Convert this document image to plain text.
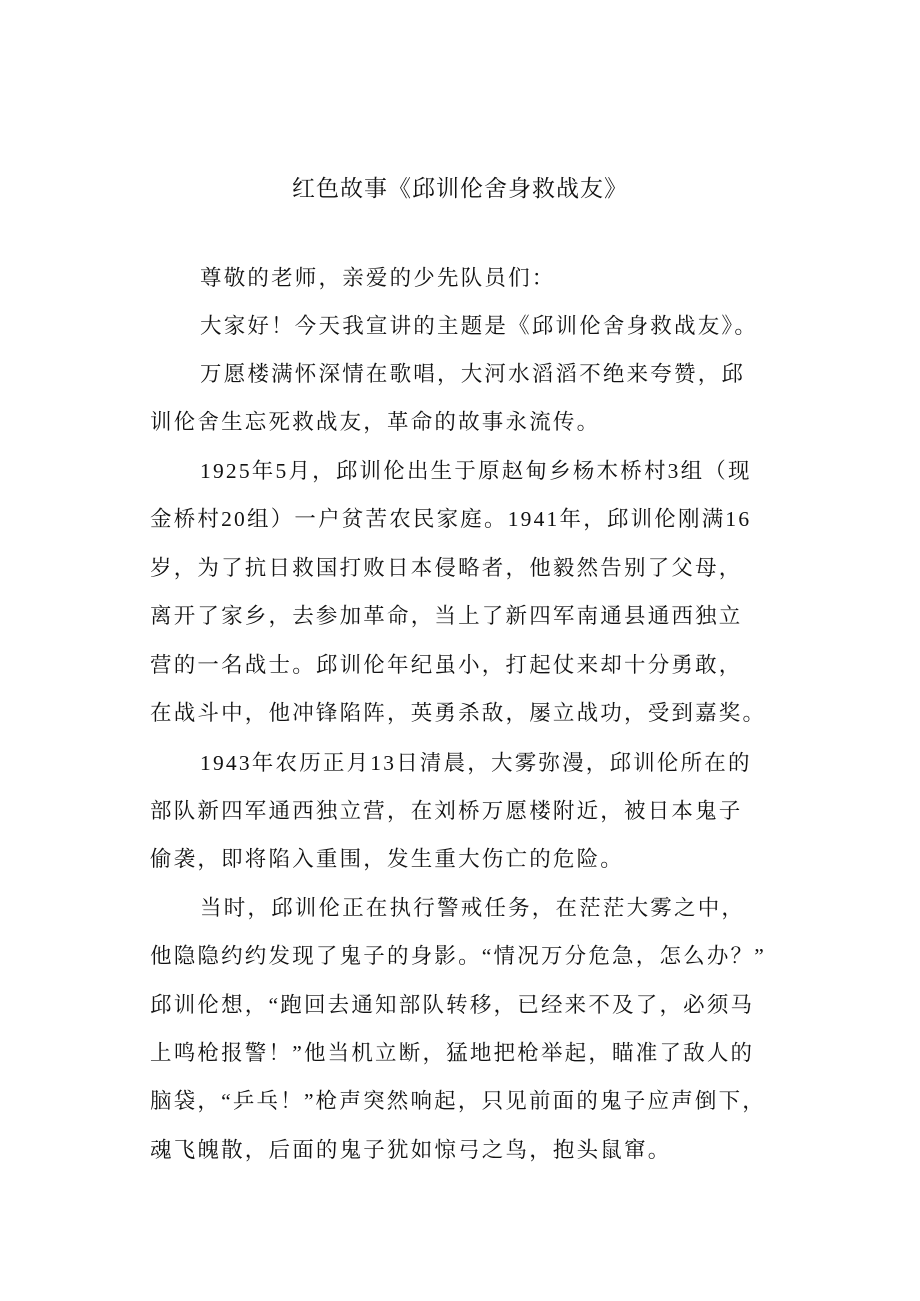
红色故事《邱训伦舍身救战友》
尊敬的老师，亲爱的少先队员们：
大家好！今天我宣讲的主题是《邱训伦舍身救战友》。
万愿楼满怀深情在歌唱，大河水滔滔不绝来夸赞，邱
训伦舍生忘死救战友，革命的故事永流传。
1925年5月，邱训伦出生于原赵甸乡杨木桥村3组（现
金桥村20组）一户贫苦农民家庭。1941年，邱训伦刚满16
岁，为了抗日救国打败日本侵略者，他毅然告别了父母，
离开了家乡，去参加革命，当上了新四军南通县通西独立
营的一名战士。邱训伦年纪虽小，打起仗来却十分勇敢，
在战斗中，他冲锋陷阵，英勇杀敌，屡立战功，受到嘉奖。
1943年农历正月13日清晨，大雾弥漫，邱训伦所在的
部队新四军通西独立营，在刘桥万愿楼附近，被日本鬼子
偷袭，即将陷入重围，发生重大伤亡的危险。
当时，邱训伦正在执行警戒任务，在茫茫大雾之中，
他隐隐约约发现了鬼子的身影。“情况万分危急，怎么办？”
邱训伦想，“跑回去通知部队转移，已经来不及了，必须马
上鸣枪报警！”他当机立断，猛地把枪举起，瞄准了敌人的
脑袋，“乒乓！”枪声突然响起，只见前面的鬼子应声倒下，
魂飞魄散，后面的鬼子犹如惊弓之鸟，抱头鼠窜。
